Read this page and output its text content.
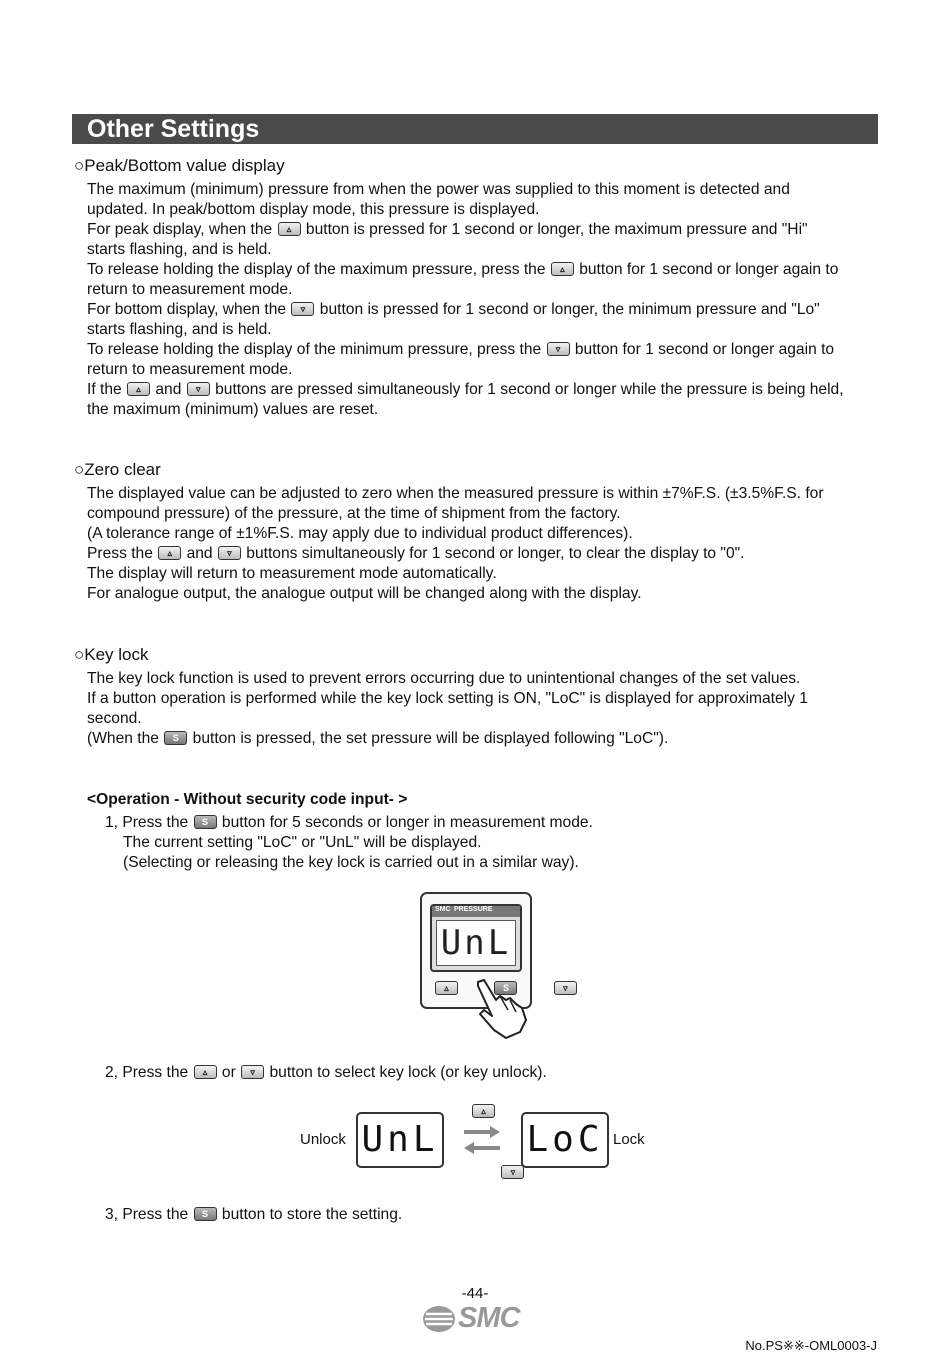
Other Settings
○Peak/Bottom value display
The maximum (minimum) pressure from when the power was supplied to this moment is detected and
updated. In peak/bottom display mode, this pressure is displayed.
For peak display, when the ▵ button is pressed for 1 second or longer, the maximum pressure and "Hi"
starts flashing, and is held.
To release holding the display of the maximum pressure, press the ▵ button for 1 second or longer again to
return to measurement mode.
For bottom display, when the ▿ button is pressed for 1 second or longer, the minimum pressure and "Lo"
starts flashing, and is held.
To release holding the display of the minimum pressure, press the ▿ button for 1 second or longer again to
return to measurement mode.
If the ▵ and ▿ buttons are pressed simultaneously for 1 second or longer while the pressure is being held,
the maximum (minimum) values are reset.
○Zero clear
The displayed value can be adjusted to zero when the measured pressure is within ±7%F.S. (±3.5%F.S. for
compound pressure) of the pressure, at the time of shipment from the factory.
(A tolerance range of ±1%F.S. may apply due to individual product differences).
Press the ▵ and ▿ buttons simultaneously for 1 second or longer, to clear the display to "0".
The display will return to measurement mode automatically.
For analogue output, the analogue output will be changed along with the display.
○Key lock
The key lock function is used to prevent errors occurring due to unintentional changes of the set values.
If a button operation is performed while the key lock setting is ON, "LoC" is displayed for approximately 1
second.
(When the S button is pressed, the set pressure will be displayed following "LoC").
<Operation - Without security code input- >
1, Press the S button for 5 seconds or longer in measurement mode.
The current setting "LoC" or "UnL" will be displayed.
(Selecting or releasing the key lock is carried out in a similar way).
SMC PRESSURE
UnL
▵	S	▿
2, Press the ▵ or ▿ button to select key lock (or key unlock).
Unlock UnL
▵
▿
LoC Lock
3, Press the S button to store the setting.
-44-
SMC
No.PS※※-OML0003-J
